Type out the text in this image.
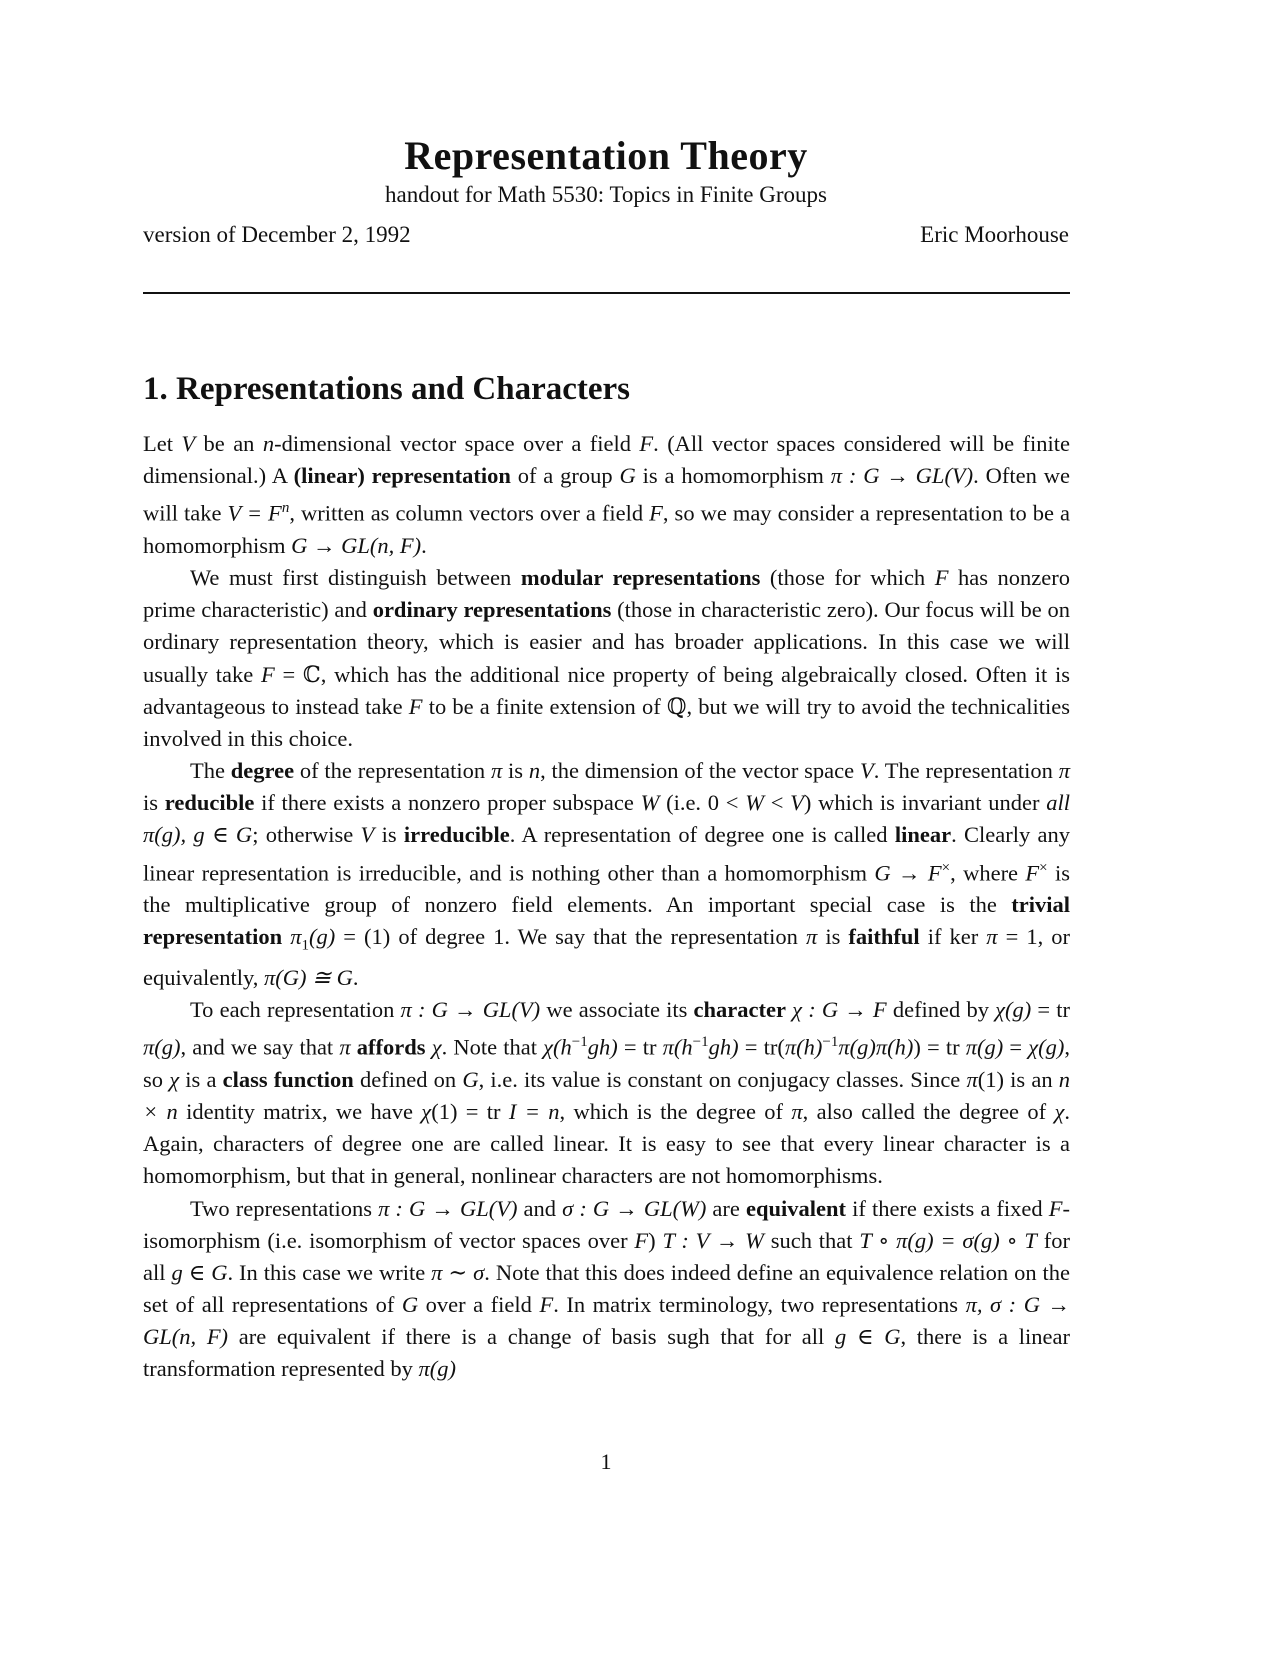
Representation Theory
handout for Math 5530: Topics in Finite Groups
version of December 2, 1992	Eric Moorhouse
1. Representations and Characters

Let V be an n-dimensional vector space over a field F. (All vector spaces considered will be finite dimensional.) A (linear) representation of a group G is a homomorphism π : G → GL(V). Often we will take $V = F^n$, written as column vectors over a field F, so we may consider a representation to be a homomorphism G → GL(n, F).

We must first distinguish between modular representations (those for which F has nonzero prime characteristic) and ordinary representations (those in characteristic zero). Our focus will be on ordinary representation theory, which is easier and has broader applications. In this case we will usually take F = ℂ, which has the additional nice property of being algebraically closed. Often it is advantageous to instead take F to be a finite extension of ℚ, but we will try to avoid the technicalities involved in this choice.

The degree of the representation π is n, the dimension of the vector space V. The representation π is reducible if there exists a nonzero proper subspace W (i.e. 0 < W < V) which is invariant under all π(g), g ∈ G; otherwise V is irreducible. A representation of degree one is called linear. Clearly any linear representation is irreducible, and is nothing other than a homomorphism G → F×, where F× is the multiplicative group of nonzero field elements. An important special case is the trivial representation $\pi_1(g) = (1)$ of degree 1. We say that the representation π is faithful if ker π = 1, or equivalently, π(G) ≅ G.

To each representation π : G → GL(V) we associate its character χ : G → F defined by χ(g) = tr π(g), and we say that π affords χ. Note that $\chi(h^{-1}gh)$ = tr $\pi(h^{-1}gh) = tr(\pi(h)^{-1}\pi(g)\pi(h))$ = tr π(g) = χ(g), so χ is a class function defined on G, i.e. its value is constant on conjugacy classes. Since π(1) is an n × n identity matrix, we have χ(1) = tr I = n, which is the degree of π, also called the degree of χ. Again, characters of degree one are called linear. It is easy to see that every linear character is a homomorphism, but that in general, nonlinear characters are not homomorphisms.

Two representations π : G → GL(V) and σ : G → GL(W) are equivalent if there exists a fixed F-isomorphism (i.e. isomorphism of vector spaces over F) T : V → W such that T ∘ π(g) = σ(g) ∘ T for all g ∈ G. In this case we write π ∼ σ. Note that this does indeed define an equivalence relation on the set of all representations of G over a field F. In matrix terminology, two representations π, σ : G → GL(n, F) are equivalent if there is a change of basis sugh that for all g ∈ G, there is a linear transformation represented by π(g)

1
